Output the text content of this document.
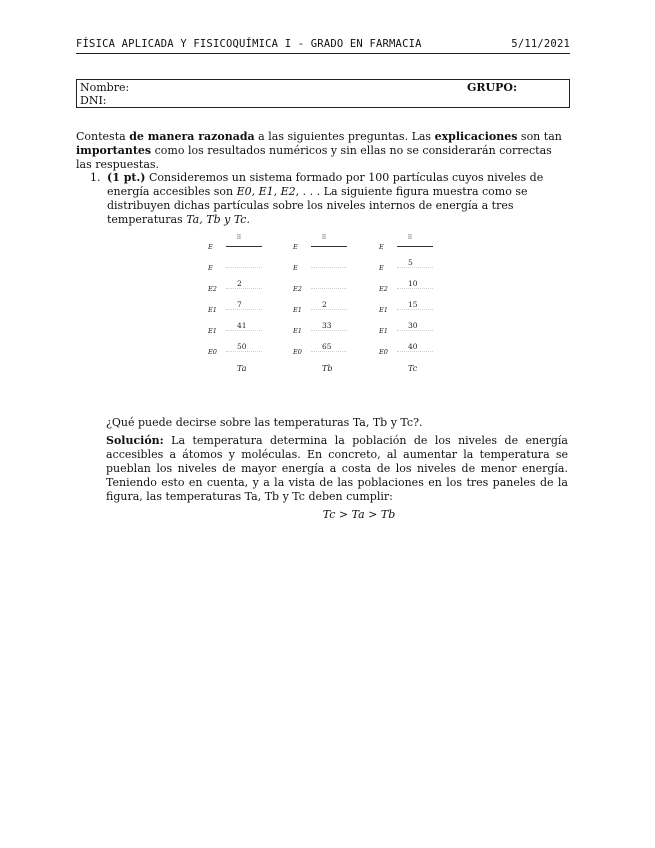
FÍSICA APLICADA Y FISICOQUÍMICA I - GRADO EN FARMACIA	5/11/2021
Nombre:
DNI:
GRUPO:
Contesta de manera razonada a las siguientes preguntas. Las explicaciones son tan importantes como los resultados numéricos y sin ellas no se considerarán correctas las respuestas.
1. (1 pt.) Consideremos un sistema formado por 100 partículas cuyos niveles de energía accesibles son E0, E1, E2, . . . La siguiente figura muestra como se distribuyen dichas partículas sobre los niveles internos de energía a tres temperaturas Ta, Tb y Tc.
⁞⁞
E
E
E2
2
E1
7
E1
41
E0
50
Ta
⁞⁞
E
E
E2
E1
2
E1
33
E0
65
Tb
⁞⁞
E
E
5
E2
10
E1
15
E1
30
E0
40
Tc
¿Qué puede decirse sobre las temperaturas Ta, Tb y Tc?.
Solución: La temperatura determina la población de los niveles de energía accesibles a átomos y moléculas. En concreto, al aumentar la temperatura se pueblan los niveles de mayor energía a costa de los niveles de menor energía. Teniendo esto en cuenta, y a la vista de las poblaciones en los tres paneles de la figura, las temperaturas Ta, Tb y Tc deben cumplir:
Tc > Ta > Tb
